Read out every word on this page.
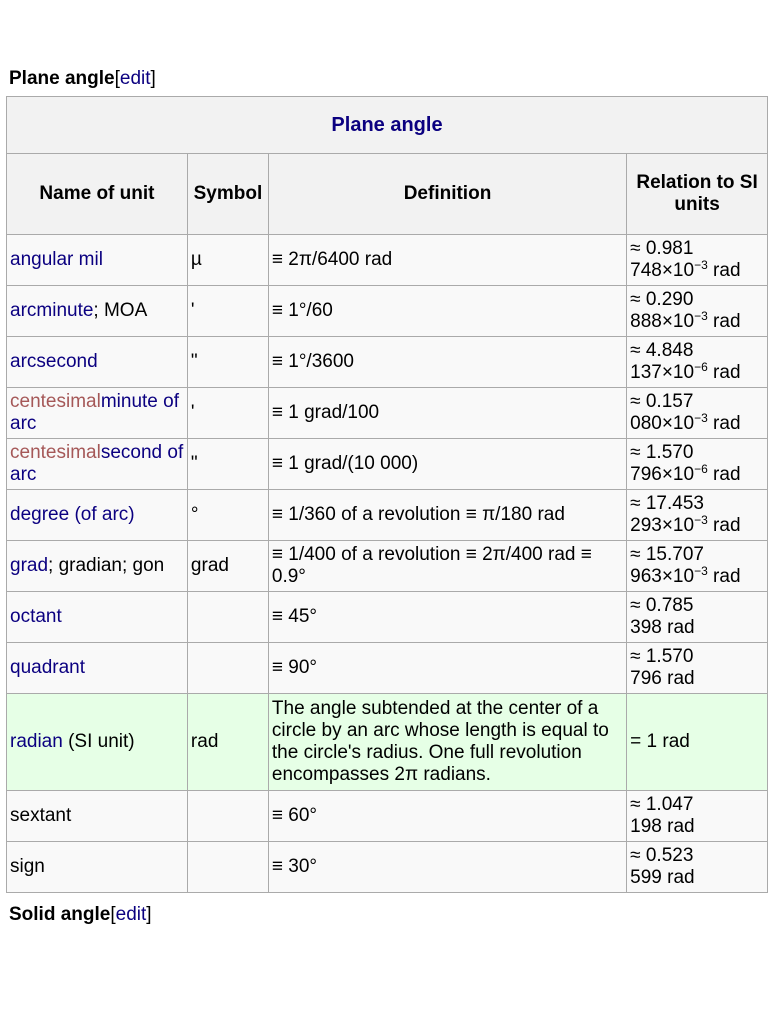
Plane angle[edit]
Plane angle			
Name of unit	Symbol	Definition	Relation to SI units
angular mil	µ	≡ 2π/6400 rad	≈ 0.981
$748\times 10^{-3}$ rad
arcminute; MOA	'	≡ 1°/60	≈ 0.290
$888\times 10^{-3}$ rad
arcsecond	"	≡ 1°/3600	≈ 4.848
$137\times 10^{-6}$ rad
centesimalminute of arc	'	≡ 1 grad/100	≈ 0.157
$080\times 10^{-3}$ rad
centesimalsecond of arc	"	≡ 1 grad/(10 000)	≈ 1.570
$796\times 10^{-6}$ rad
degree (of arc)	°	≡ 1/360 of a revolution ≡ π/180 rad	≈ 17.453
$293\times 10^{-3}$ rad
grad; gradian; gon	grad	≡ 1/400 of a revolution ≡ 2π/400 rad ≡ 0.9°	≈ 15.707
$963\times 10^{-3}$ rad
octant		≡ 45°	≈ 0.785
398 rad
quadrant		≡ 90°	≈ 1.570
796 rad
radian (SI unit)	rad	The angle subtended at the center of a circle by an arc whose length is equal to the circle's radius. One full revolution encompasses 2π radians.	= 1 rad
sextant		≡ 60°	≈ 1.047
198 rad
sign		≡ 30°	≈ 0.523
599 rad
Solid angle[edit]
